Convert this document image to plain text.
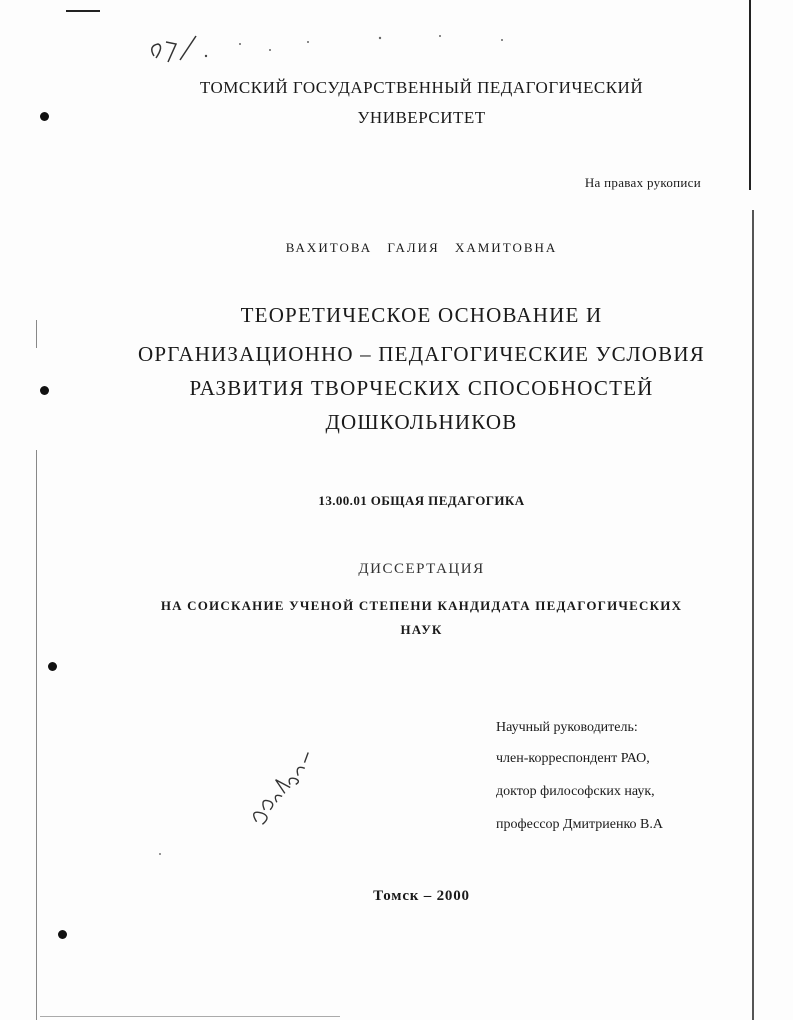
ТОМСКИЙ ГОСУДАРСТВЕННЫЙ ПЕДАГОГИЧЕСКИЙ
УНИВЕРСИТЕТ
На правах рукописи
ВАХИТОВА ГАЛИЯ ХАМИТОВНА
ТЕОРЕТИЧЕСКОЕ ОСНОВАНИЕ И
ОРГАНИЗАЦИОННО – ПЕДАГОГИЧЕСКИЕ УСЛОВИЯ
РАЗВИТИЯ ТВОРЧЕСКИХ СПОСОБНОСТЕЙ
ДОШКОЛЬНИКОВ
13.00.01 ОБЩАЯ ПЕДАГОГИКА
ДИССЕРТАЦИЯ
НА СОИСКАНИЕ УЧЕНОЙ СТЕПЕНИ КАНДИДАТА ПЕДАГОГИЧЕСКИХ
НАУК
Научный руководитель:
член-корреспондент РАО,
доктор философских наук,
профессор Дмитриенко В.А
Томск – 2000
